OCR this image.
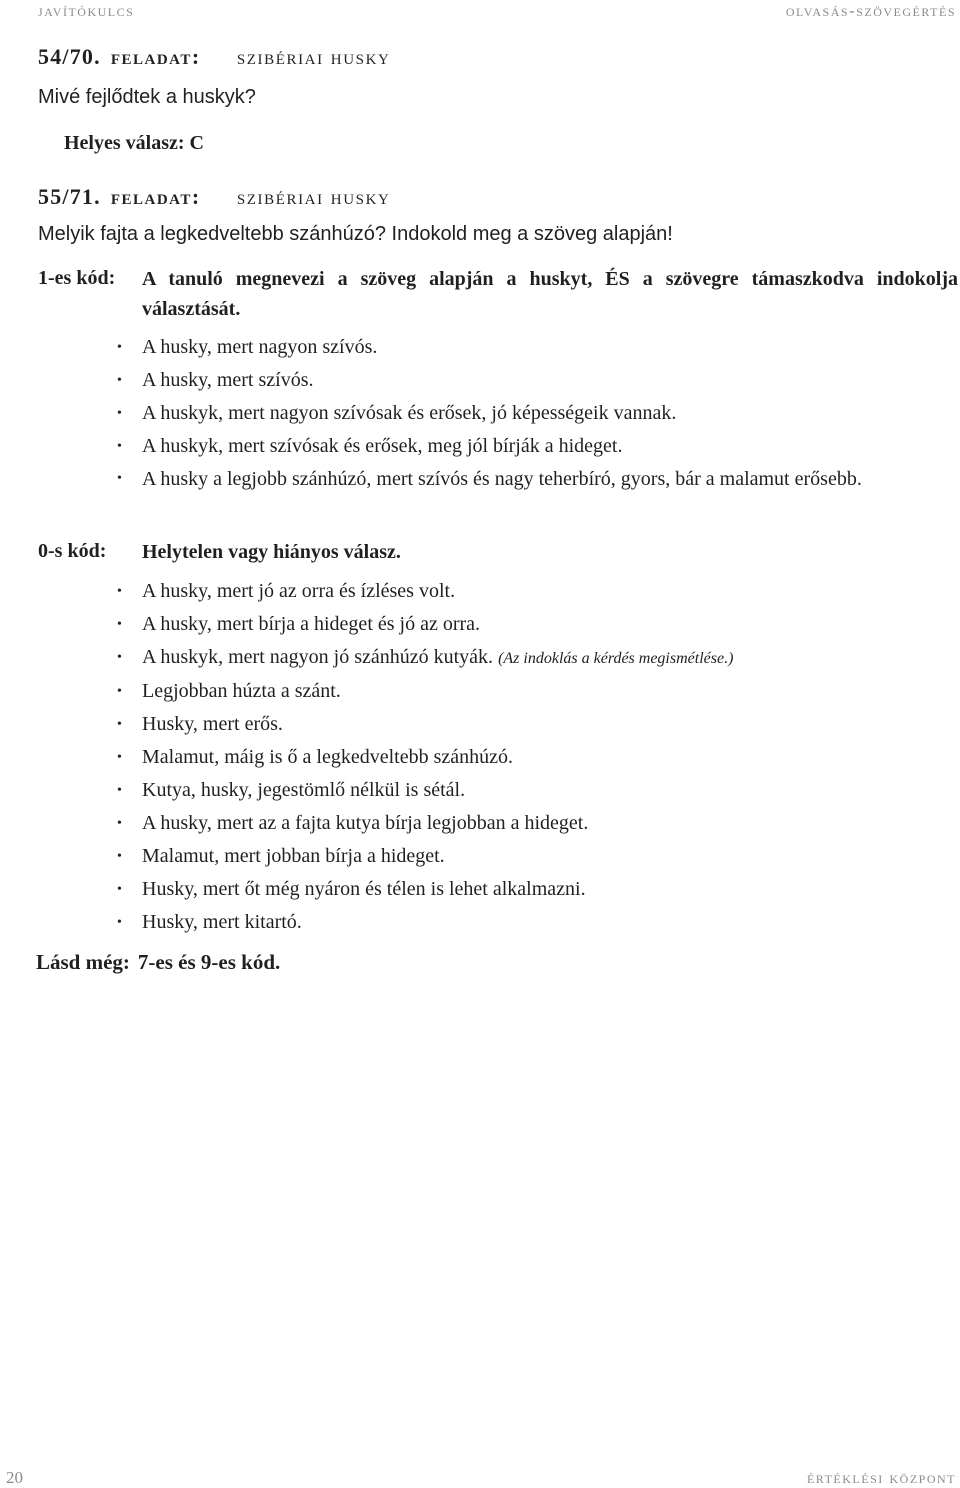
javítókulcs	olvasás-szövegértés
54/70. feladat:	szibériai husky
Mivé fejlődtek a huskyk?
Helyes válasz: C
55/71. feladat:	szibériai husky
Melyik fajta a legkedveltebb szánhúzó? Indokold meg a szöveg alapján!
1-es kód: A tanuló megnevezi a szöveg alapján a huskyt, ÉS a szövegre támaszkodva indokolja választását.
• A husky, mert nagyon szívós.
• A husky, mert szívós.
• A huskyk, mert nagyon szívósak és erősek, jó képességeik vannak.
• A huskyk, mert szívósak és erősek, meg jól bírják a hideget.
• A husky a legjobb szánhúzó, mert szívós és nagy teherbíró, gyors, bár a malamut erősebb.
0-s kód: Helytelen vagy hiányos válasz.
• A husky, mert jó az orra és ízléses volt.
• A husky, mert bírja a hideget és jó az orra.
• A huskyk, mert nagyon jó szánhúzó kutyák. (Az indoklás a kérdés megismétlése.)
• Legjobban húzta a szánt.
• Husky, mert erős.
• Malamut, máig is ő a legkedveltebb szánhúzó.
• Kutya, husky, jegestömlő nélkül is sétál.
• A husky, mert az a fajta kutya bírja legjobban a hideget.
• Malamut, mert jobban bírja a hideget.
• Husky, mert őt még nyáron és télen is lehet alkalmazni.
• Husky, mert kitartó.
Lásd még: 7-es és 9-es kód.
20	értéklési központ
